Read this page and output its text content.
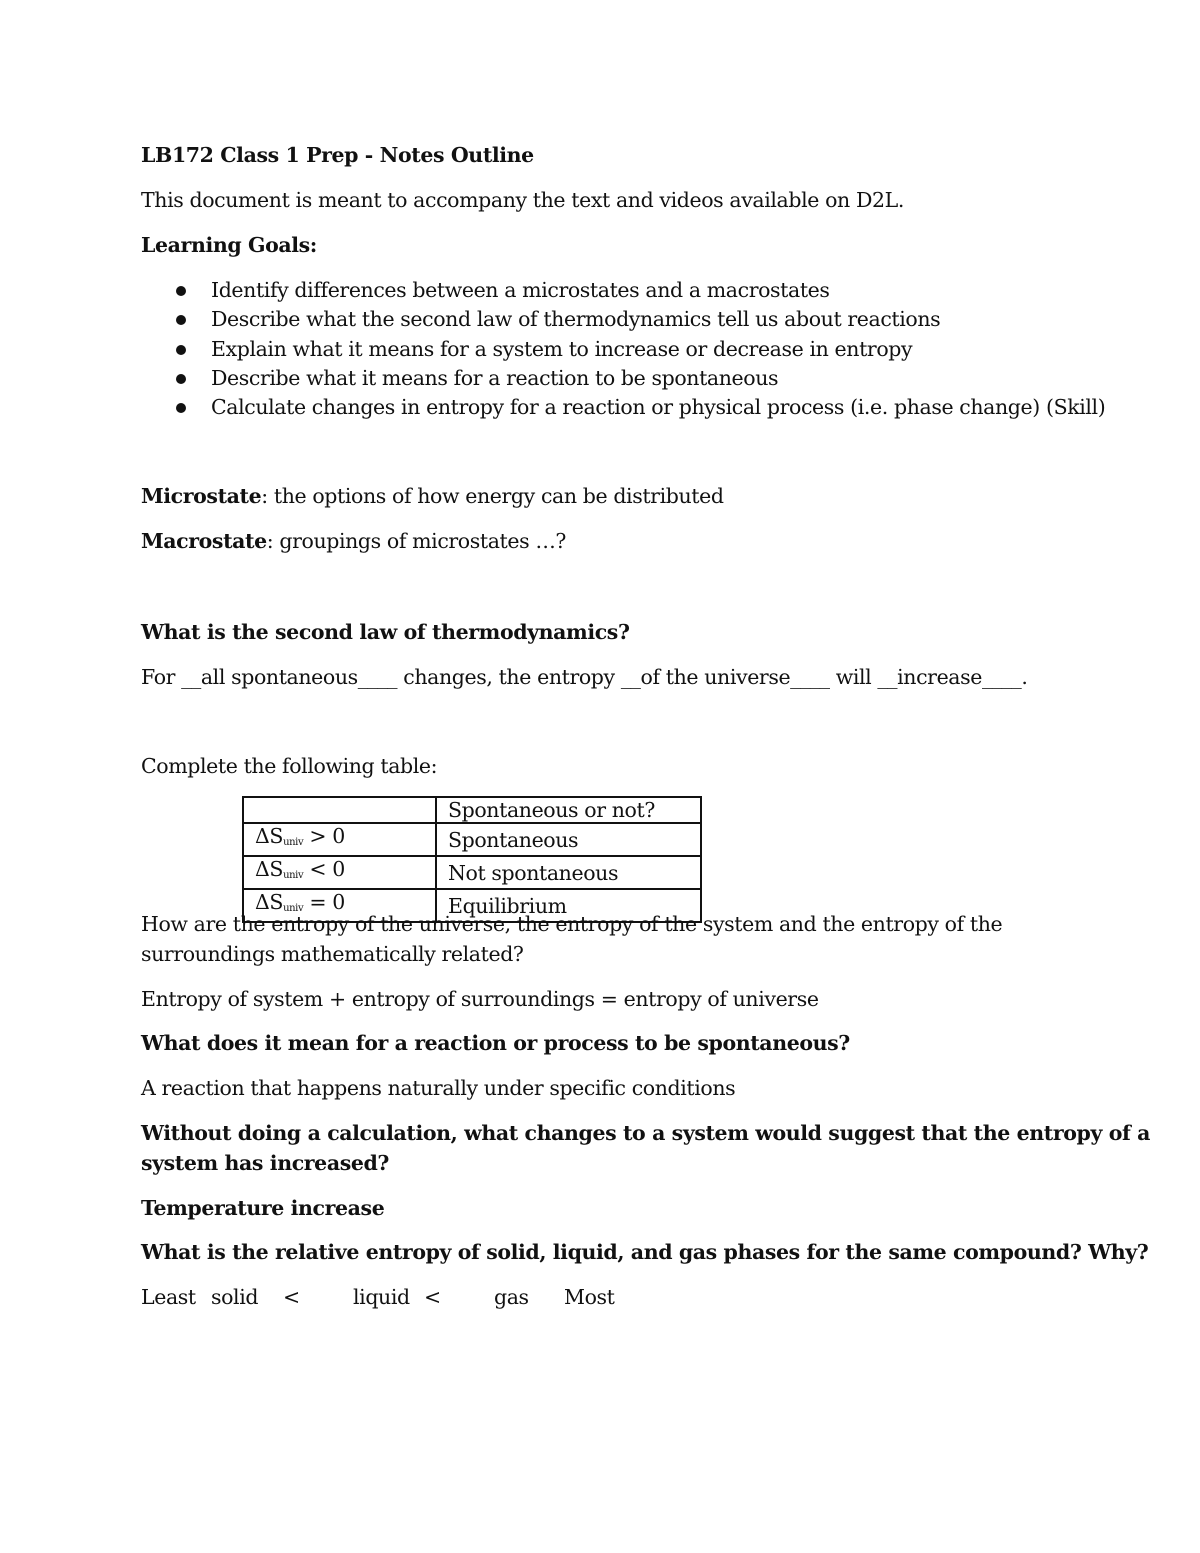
LB172 Class 1 Prep - Notes Outline
This document is meant to accompany the text and videos available on D2L.
Learning Goals:
Identify differences between a microstates and a macrostates
Describe what the second law of thermodynamics tell us about reactions
Explain what it means for a system to increase or decrease in entropy
Describe what it means for a reaction to be spontaneous
Calculate changes in entropy for a reaction or physical process (i.e. phase change) (Skill)
Microstate: the options of how energy can be distributed
Macrostate: groupings of microstates …?
What is the second law of thermodynamics?
For __all spontaneous____ changes, the entropy __of the universe____ will __increase____.
Complete the following table:
	Spontaneous or not?
$\Delta S_{univ} > 0$	Spontaneous
$\Delta S_{univ} < 0$	Not spontaneous
$\Delta S_{univ} = 0$	Equilibrium
How are the entropy of the universe, the entropy of the system and the entropy of the
surroundings mathematically related?
Entropy of system + entropy of surroundings = entropy of universe
What does it mean for a reaction or process to be spontaneous?
A reaction that happens naturally under specific conditions
Without doing a calculation, what changes to a system would suggest that the entropy of a
system has increased?
Temperature increase
What is the relative entropy of solid, liquid, and gas phases for the same compound? Why?
Least solid <	liquid <	gas Most
